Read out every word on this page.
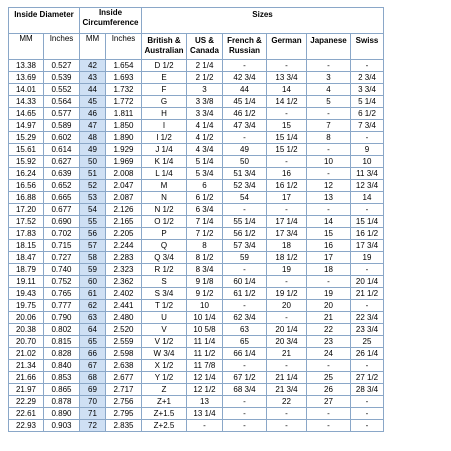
Inside Diameter		Inside Circumference		Sizes					
MM	Inches	MM	Inches	British & Australian	US & Canada	French & Russian	German	Japanese	Swiss
13.38	0.527	42	1.654	D 1/2	2 1/4	-	-	-	-
13.69	0.539	43	1.693	E	2 1/2	42 3/4	13 3/4	3	2 3/4
14.01	0.552	44	1.732	F	3	44	14	4	3 3/4
14.33	0.564	45	1.772	G	3 3/8	45 1/4	14 1/2	5	5 1/4
14.65	0.577	46	1.811	H	3 3/4	46 1/2	-	-	6 1/2
14.97	0.589	47	1.850	I	4 1/4	47 3/4	15	7	7 3/4
15.29	0.602	48	1.890	I 1/2	4 1/2	-	15 1/4	8	-
15.61	0.614	49	1.929	J 1/4	4 3/4	49	15 1/2	-	9
15.92	0.627	50	1.969	K 1/4	5 1/4	50	-	10	10
16.24	0.639	51	2.008	L 1/4	5 3/4	51 3/4	16	-	11 3/4
16.56	0.652	52	2.047	M	6	52 3/4	16 1/2	12	12 3/4
16.88	0.665	53	2.087	N	6 1/2	54	17	13	14
17.20	0.677	54	2.126	N 1/2	6 3/4	-	-	-	-
17.52	0.690	55	2.165	O 1/2	7 1/4	55 1/4	17 1/4	14	15 1/4
17.83	0.702	56	2.205	P	7 1/2	56 1/2	17 3/4	15	16 1/2
18.15	0.715	57	2.244	Q	8	57 3/4	18	16	17 3/4
18.47	0.727	58	2.283	Q 3/4	8 1/2	59	18 1/2	17	19
18.79	0.740	59	2.323	R 1/2	8 3/4	-	19	18	-
19.11	0.752	60	2.362	S	9 1/8	60 1/4	-	-	20 1/4
19.43	0.765	61	2.402	S 3/4	9 1/2	61 1/2	19 1/2	19	21 1/2
19.75	0.777	62	2.441	T 1/2	10	-	20	20	-
20.06	0.790	63	2.480	U	10 1/4	62 3/4	-	21	22 3/4
20.38	0.802	64	2.520	V	10 5/8	63	20 1/4	22	23 3/4
20.70	0.815	65	2.559	V 1/2	11 1/4	65	20 3/4	23	25
21.02	0.828	66	2.598	W 3/4	11 1/2	66 1/4	21	24	26 1/4
21.34	0.840	67	2.638	X 1/2	11 7/8	-	-	-	-
21.66	0.853	68	2.677	Y 1/2	12 1/4	67 1/2	21 1/4	25	27 1/2
21.97	0.865	69	2.717	Z	12 1/2	68 3/4	21 3/4	26	28 3/4
22.29	0.878	70	2.756	Z+1	13	-	22	27	-
22.61	0.890	71	2.795	Z+1.5	13 1/4	-	-	-	-
22.93	0.903	72	2.835	Z+2.5	-	-	-	-	-
